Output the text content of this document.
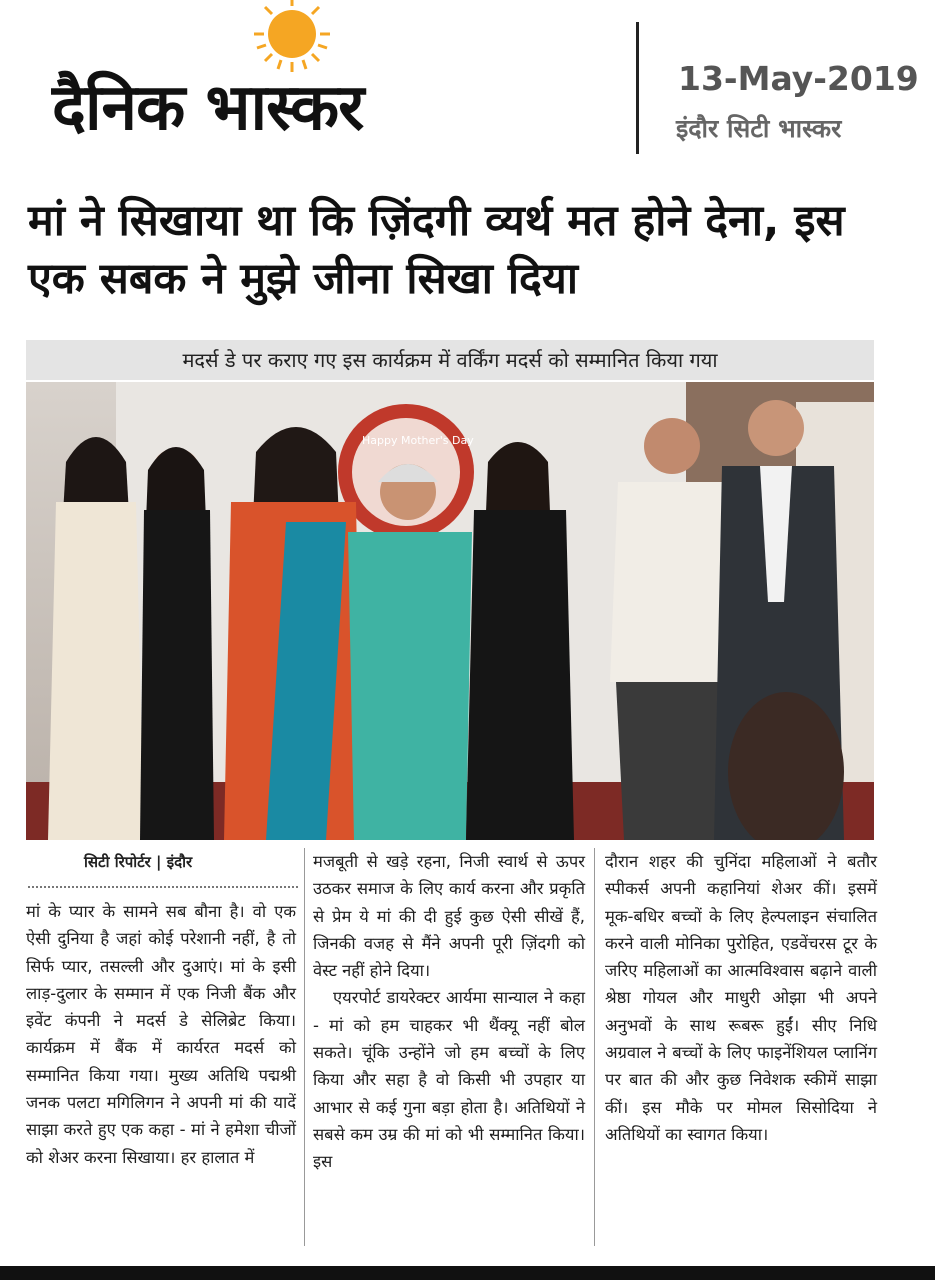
दैनिक भास्कर	13-May-2019
इंदौर सिटी भास्कर
मां ने सिखाया था कि ज़िंदगी व्यर्थ मत होने देना, इस एक सबक ने मुझे जीना सिखा दिया
मदर्स डे पर कराए गए इस कार्यक्रम में वर्किंग मदर्स को सम्मानित किया गया
Happy Mother's Day
सिटी रिपोर्टर | इंदौर

मां के प्यार के सामने सब बौना है। वो एक ऐसी दुनिया है जहां कोई परेशानी नहीं, है तो सिर्फ प्यार, तसल्ली और दुआएं। मां के इसी लाड़-दुलार के सम्मान में एक निजी बैंक और इवेंट कंपनी ने मदर्स डे सेलिब्रेट किया। कार्यक्रम में बैंक में कार्यरत मदर्स को सम्मानित किया गया। मुख्य अतिथि पद्मश्री जनक पलटा मगिलिगन ने अपनी मां की यादें साझा करते हुए एक कहा - मां ने हमेशा चीजों को शेअर करना सिखाया। हर हालात में

मजबूती से खड़े रहना, निजी स्वार्थ से ऊपर उठकर समाज के लिए कार्य करना और प्रकृति से प्रेम ये मां की दी हुई कुछ ऐसी सीखें हैं, जिनकी वजह से मैंने अपनी पूरी ज़िंदगी को वेस्ट नहीं होने दिया।

एयरपोर्ट डायरेक्टर आर्यमा सान्याल ने कहा - मां को हम चाहकर भी थैंक्यू नहीं बोल सकते। चूंकि उन्होंने जो हम बच्चों के लिए किया और सहा है वो किसी भी उपहार या आभार से कई गुना बड़ा होता है। अतिथियों ने सबसे कम उम्र की मां को भी सम्मानित किया। इस

दौरान शहर की चुनिंदा महिलाओं ने बतौर स्पीकर्स अपनी कहानियां शेअर कीं। इसमें मूक-बधिर बच्चों के लिए हेल्पलाइन संचालित करने वाली मोनिका पुरोहित, एडवेंचरस टूर के जरिए महिलाओं का आत्मविश्वास बढ़ाने वाली श्रेष्ठा गोयल और माधुरी ओझा भी अपने अनुभवों के साथ रूबरू हुईं। सीए निधि अग्रवाल ने बच्चों के लिए फाइनेंशियल प्लानिंग पर बात की और कुछ निवेशक स्कीमें साझा कीं। इस मौके पर मोमल सिसोदिया ने अतिथियों का स्वागत किया।
